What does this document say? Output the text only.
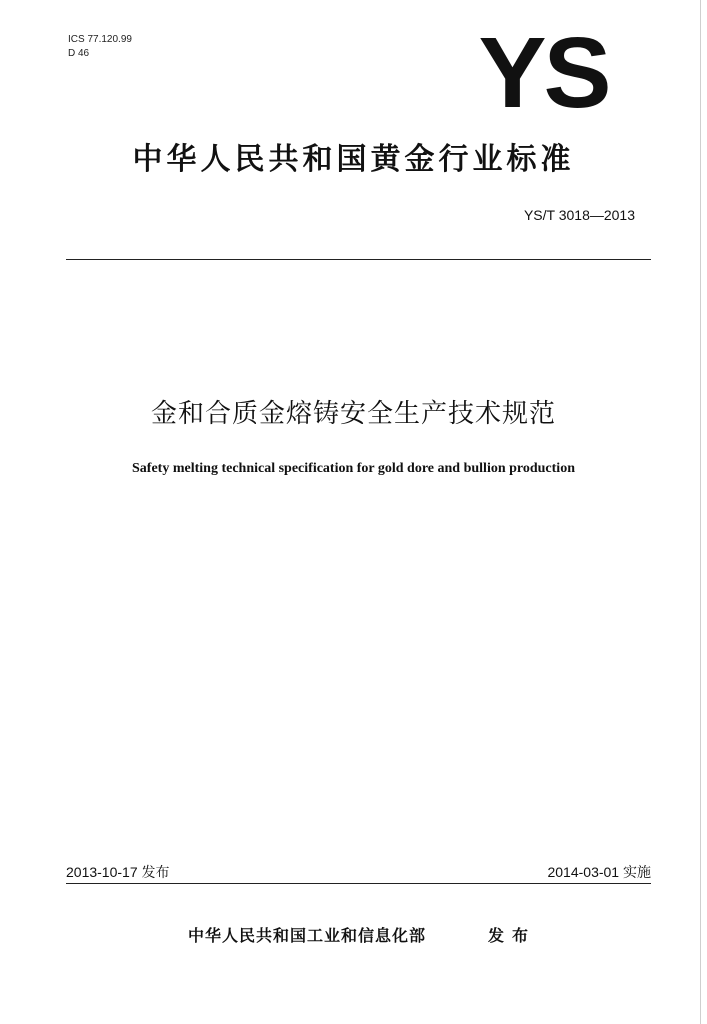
ICS 77.120.99
D 46	YS
中华人民共和国黄金行业标准
YS/T 3018—2013
金和合质金熔铸安全生产技术规范
Safety melting technical specification for gold dore and bullion production
2013-10-17 发布	2014-03-01 实施
中华人民共和国工业和信息化部	发布
